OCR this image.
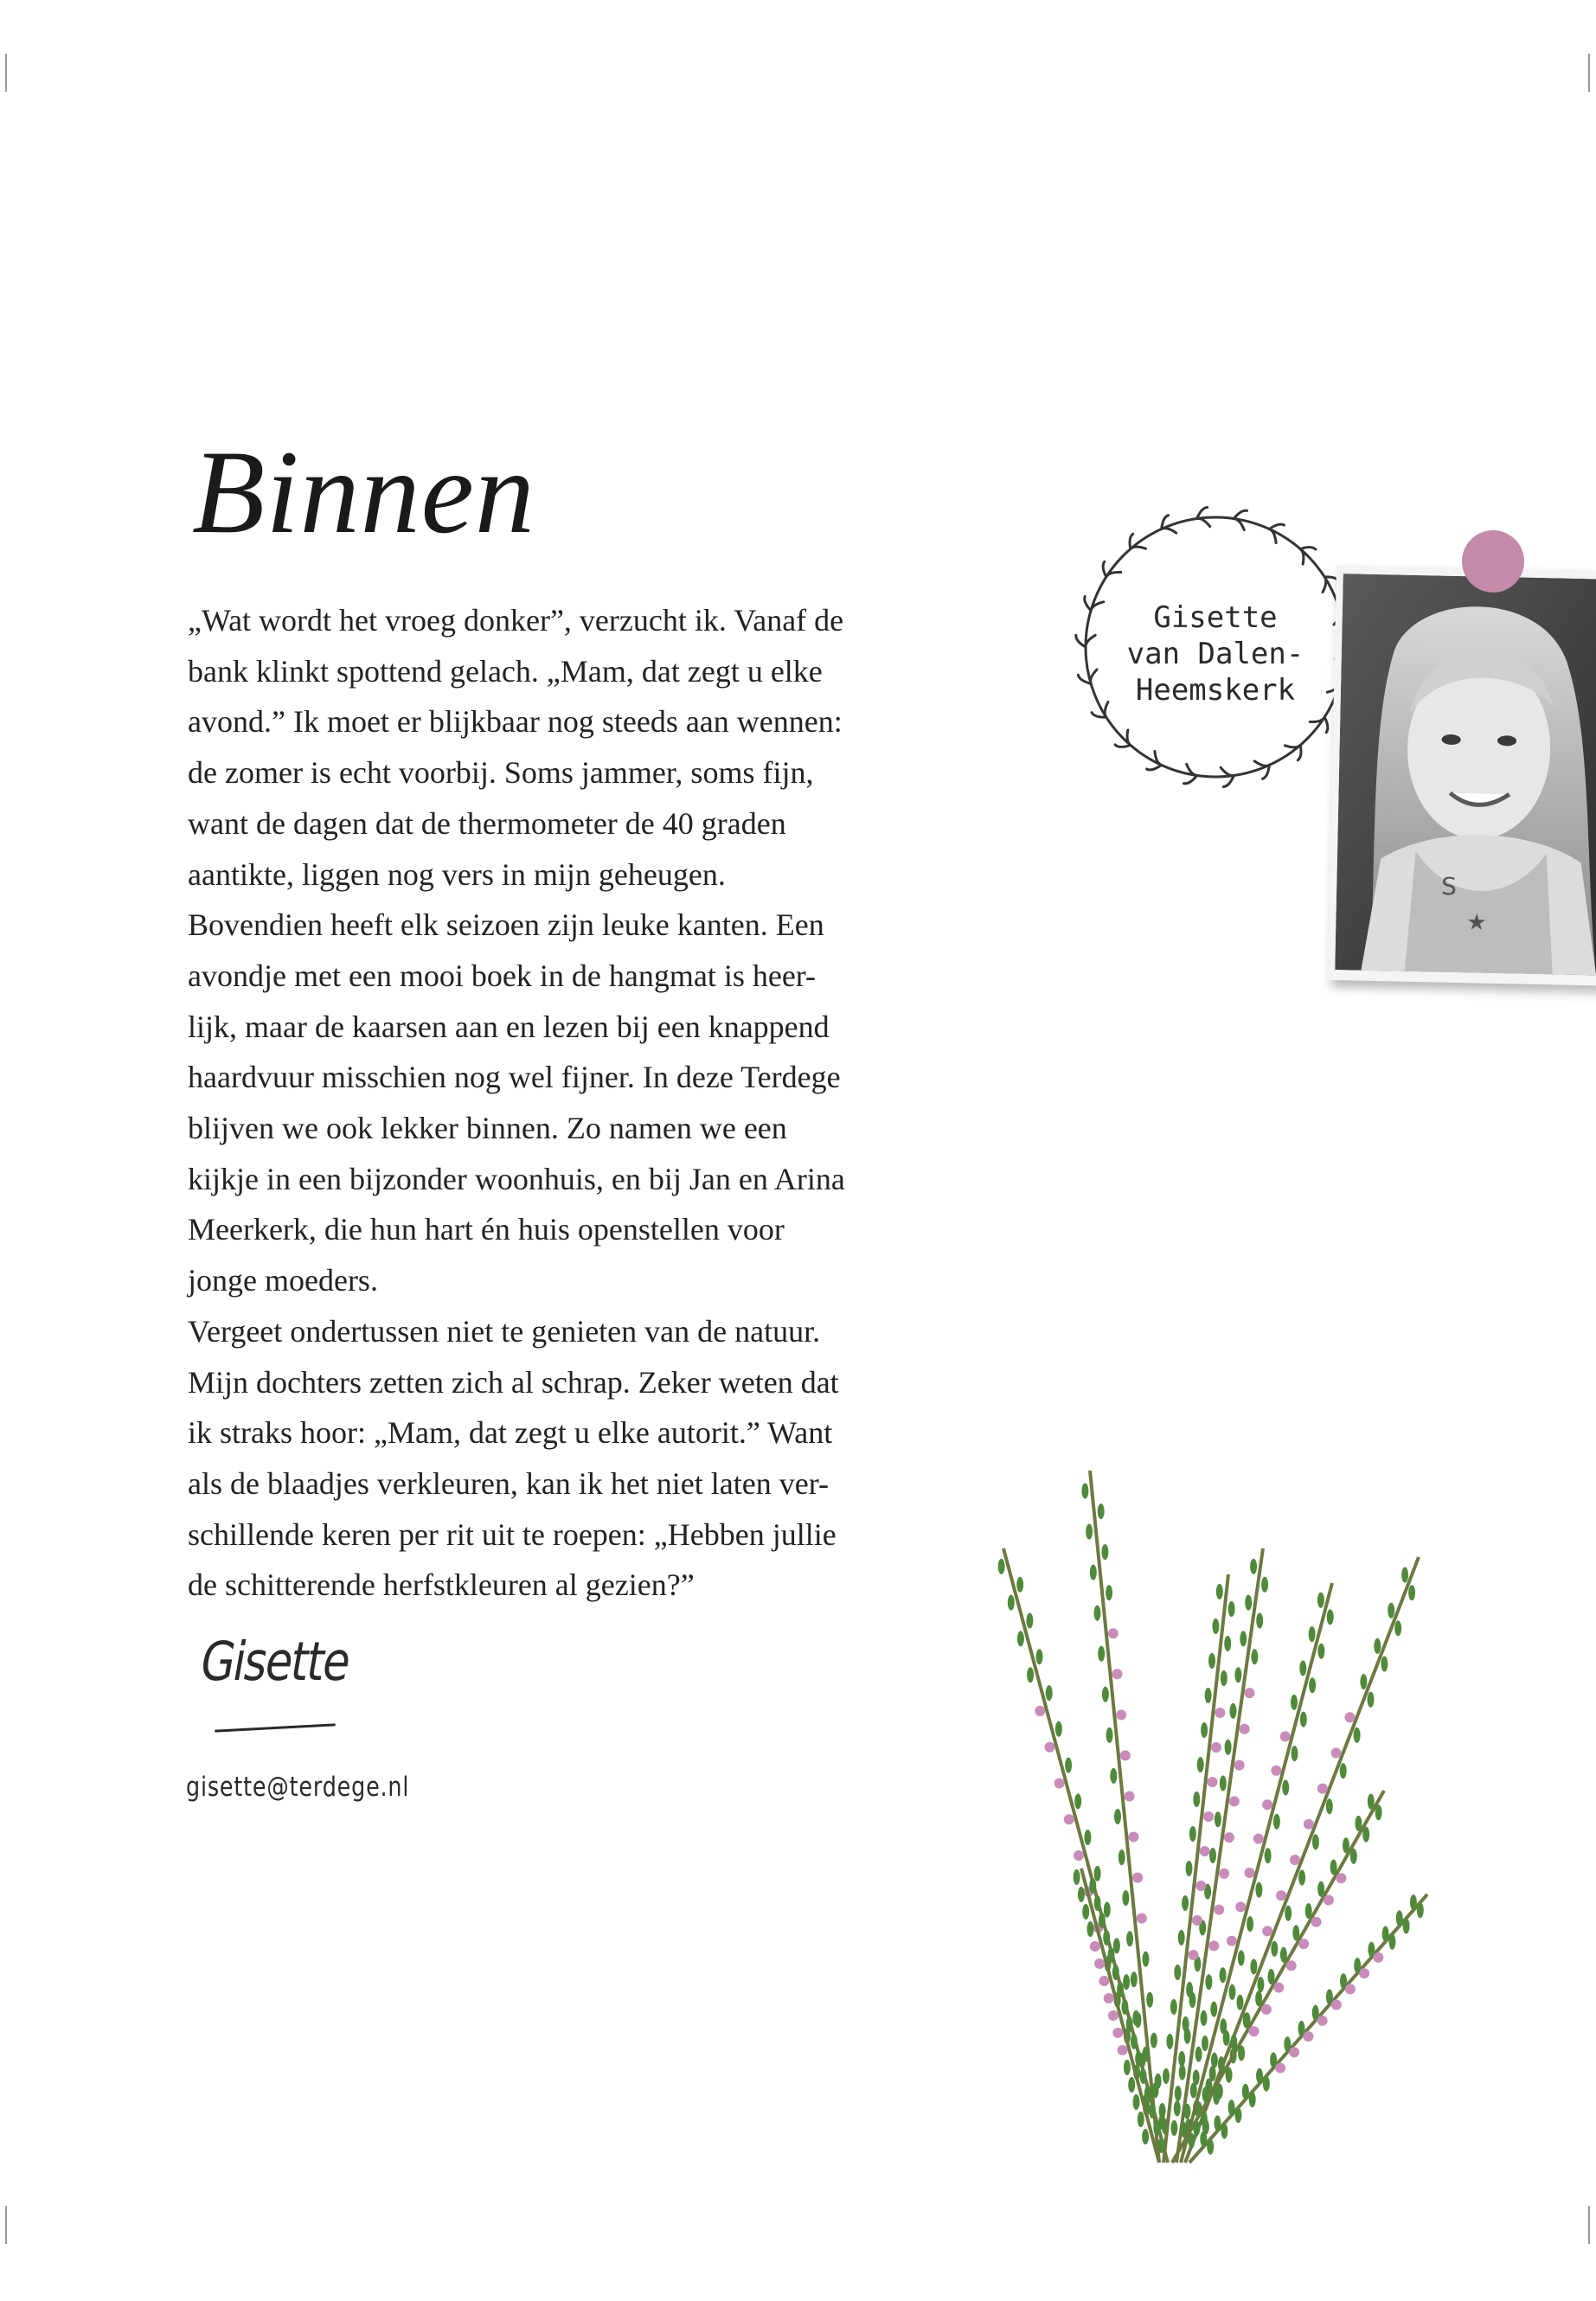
Binnen
„Wat wordt het vroeg donker”, verzucht ik. Vanaf de
bank klinkt spottend gelach. „Mam, dat zegt u elke
avond.” Ik moet er blijkbaar nog steeds aan wennen:
de zomer is echt voorbij. Soms jammer, soms fijn,
want de dagen dat de thermometer de 40 graden
aantikte, liggen nog vers in mijn geheugen.
Bovendien heeft elk seizoen zijn leuke kanten. Een
avondje met een mooi boek in de hangmat is heer-
lijk, maar de kaarsen aan en lezen bij een knappend
haardvuur misschien nog wel fijner. In deze Terdege
blijven we ook lekker binnen. Zo namen we een
kijkje in een bijzonder woonhuis, en bij Jan en Arina
Meerkerk, die hun hart én huis openstellen voor
jonge moeders.
Vergeet ondertussen niet te genieten van de natuur.
Mijn dochters zetten zich al schrap. Zeker weten dat
ik straks hoor: „Mam, dat zegt u elke autorit.” Want
als de blaadjes verkleuren, kan ik het niet laten ver-
schillende keren per rit uit te roepen: „Hebben jullie
de schitterende herfstkleuren al gezien?”
Gisette
gisette@terdege.nl
Gisette
van Dalen-
Heemskerk
S
★
